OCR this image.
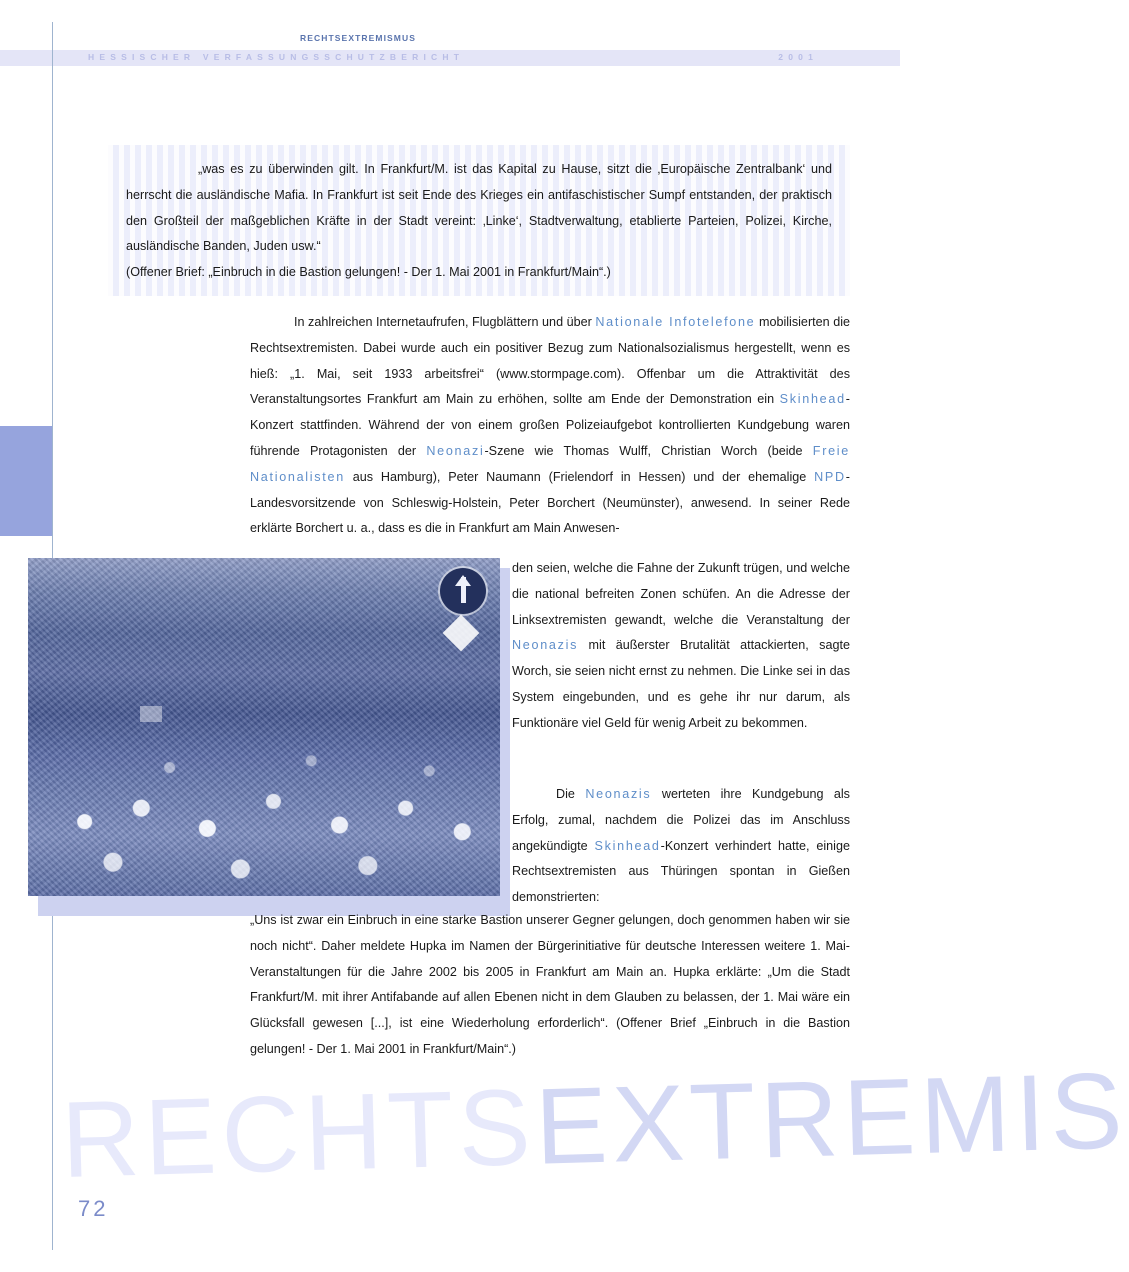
RECHTSEXTREMISMUS
HESSISCHER VERFASSUNGSSCHUTZBERICHT	2001

„was es zu überwinden gilt. In Frankfurt/M. ist das Kapital zu Hause, sitzt die ‚Europäische Zentralbank‘ und herrscht die ausländische Mafia. In Frankfurt ist seit Ende des Krieges ein antifaschistischer Sumpf entstanden, der praktisch den Großteil der maßgeblichen Kräfte in der Stadt vereint: ‚Linke‘, Stadtverwaltung, etablierte Parteien, Polizei, Kirche, ausländische Banden, Juden usw.“

(Offener Brief: „Einbruch in die Bastion gelungen! - Der 1. Mai 2001 in Frankfurt/Main“.)

In zahlreichen Internetaufrufen, Flugblättern und über Nationale Infotelefone mobilisierten die Rechtsextremisten. Dabei wurde auch ein positiver Bezug zum Nationalsozialismus hergestellt, wenn es hieß: „1. Mai, seit 1933 arbeitsfrei“ (www.stormpage.com). Offenbar um die Attraktivität des Veranstaltungsortes Frankfurt am Main zu erhöhen, sollte am Ende der Demonstration ein Skinhead-Konzert stattfinden. Während der von einem großen Polizeiaufgebot kontrollierten Kundgebung waren führende Protagonisten der Neonazi-Szene wie Thomas Wulff, Christian Worch (beide Freie Nationalisten aus Hamburg), Peter Naumann (Frielendorf in Hessen) und der ehemalige NPD-Landesvorsitzende von Schleswig-Holstein, Peter Borchert (Neumünster), anwesend. In seiner Rede erklärte Borchert u. a., dass es die in Frankfurt am Main Anwesen-
den seien, welche die Fahne der Zukunft trügen, und welche die national befreiten Zonen schüfen. An die Adresse der Linksextremisten gewandt, welche die Veranstaltung der Neonazis mit äußerster Brutalität attackierten, sagte Worch, sie seien nicht ernst zu nehmen. Die Linke sei in das System eingebunden, und es gehe ihr nur darum, als Funktionäre viel Geld für wenig Arbeit zu bekommen.
Die Neonazis werteten ihre Kundgebung als Erfolg, zumal, nachdem die Polizei das im Anschluss angekündigte Skinhead-Konzert verhindert hatte, einige Rechtsextremisten aus Thüringen spontan in Gießen demonstrierten:
„Uns ist zwar ein Einbruch in eine starke Bastion unserer Gegner gelungen, doch genommen haben wir sie noch nicht“. Daher meldete Hupka im Namen der Bürgerinitiative für deutsche Interessen weitere 1. Mai-Veranstaltungen für die Jahre 2002 bis 2005 in Frankfurt am Main an. Hupka erklärte: „Um die Stadt Frankfurt/M. mit ihrer Antifabande auf allen Ebenen nicht in dem Glauben zu belassen, der 1. Mai wäre ein Glücksfall gewesen [...], ist eine Wiederholung erforderlich“. (Offener Brief „Einbruch in die Bastion gelungen! - Der 1. Mai 2001 in Frankfurt/Main“.)
RECHTSEXTREMIS
72
